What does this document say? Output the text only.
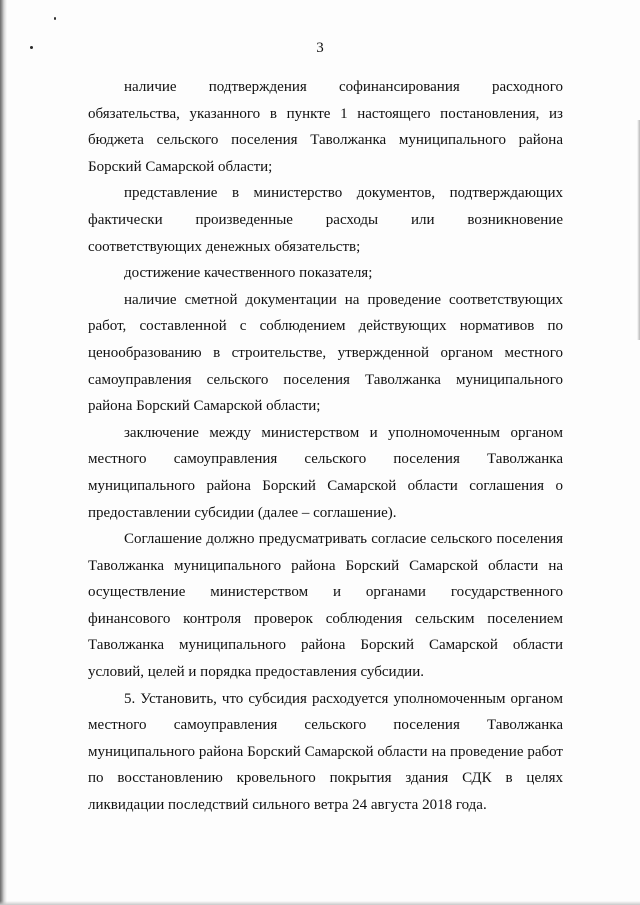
3

наличие подтверждения софинансирования расходного обязательства, указанного в пункте 1 настоящего постановления, из бюджета сельского поселения Таволжанка муниципального района Борский Самарской области;

представление в министерство документов, подтверждающих фактически произведенные расходы или возникновение соответствующих денежных обязательств;

достижение качественного показателя;

наличие сметной документации на проведение соответствующих работ, составленной с соблюдением действующих нормативов по ценообразованию в строительстве, утвержденной органом местного самоуправления сельского поселения Таволжанка муниципального района Борский Самарской области;

заключение между министерством и уполномоченным органом местного самоуправления сельского поселения Таволжанка муниципального района Борский Самарской области соглашения о предоставлении субсидии (далее – соглашение).

Соглашение должно предусматривать согласие сельского поселения Таволжанка муниципального района Борский Самарской области на осуществление министерством и органами государственного финансового контроля проверок соблюдения сельским поселением Таволжанка муниципального района Борский Самарской области условий, целей и порядка предоставления субсидии.

5. Установить, что субсидия расходуется уполномоченным органом местного самоуправления сельского поселения Таволжанка муниципального района Борский Самарской области на проведение работ по восстановлению кровельного покрытия здания СДК в целях ликвидации последствий сильного ветра 24 августа 2018 года.
